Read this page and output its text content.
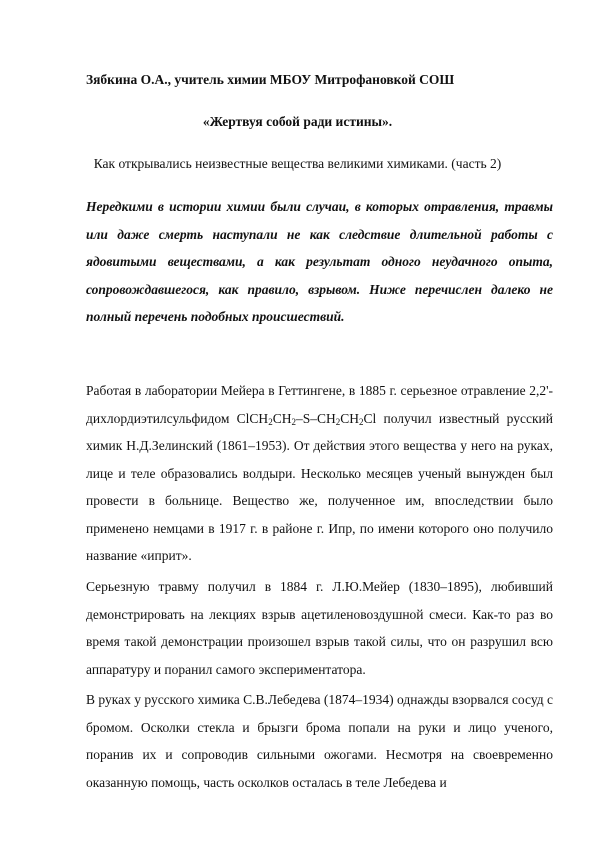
Зябкина О.А., учитель химии МБОУ Митрофановкой СОШ
«Жертвуя собой ради истины».
Как открывались неизвестные вещества великими химиками. (часть 2)
Нередкими в истории химии были случаи, в которых отравления, травмы или даже смерть наступали не как следствие длительной работы с ядовитыми веществами, а как результат одного неудачного опыта, сопровождавшегося, как правило, взрывом. Ниже перечислен далеко не полный перечень подобных происшествий.
Работая в лаборатории Мейера в Геттингене, в 1885 г. серьезное отравление 2,2'-дихлордиэтилсульфидом $ClCH_2CH_2-S-CH_2CH_2Cl$ получил известный русский химик Н.Д.Зелинский (1861–1953). От действия этого вещества у него на руках, лице и теле образовались волдыри. Несколько месяцев ученый вынужден был провести в больнице. Вещество же, полученное им, впоследствии было применено немцами в 1917 г. в районе г. Ипр, по имени которого оно получило название «иприт».
Серьезную травму получил в 1884 г. Л.Ю.Мейер (1830–1895), любивший демонстрировать на лекциях взрыв ацетиленовоздушной смеси. Как-то раз во время такой демонстрации произошел взрыв такой силы, что он разрушил всю аппаратуру и поранил самого экспериментатора.
В руках у русского химика С.В.Лебедева (1874–1934) однажды взорвался сосуд с бромом. Осколки стекла и брызги брома попали на руки и лицо ученого, поранив их и сопроводив сильными ожогами. Несмотря на своевременно оказанную помощь, часть осколков осталась в теле Лебедева и
